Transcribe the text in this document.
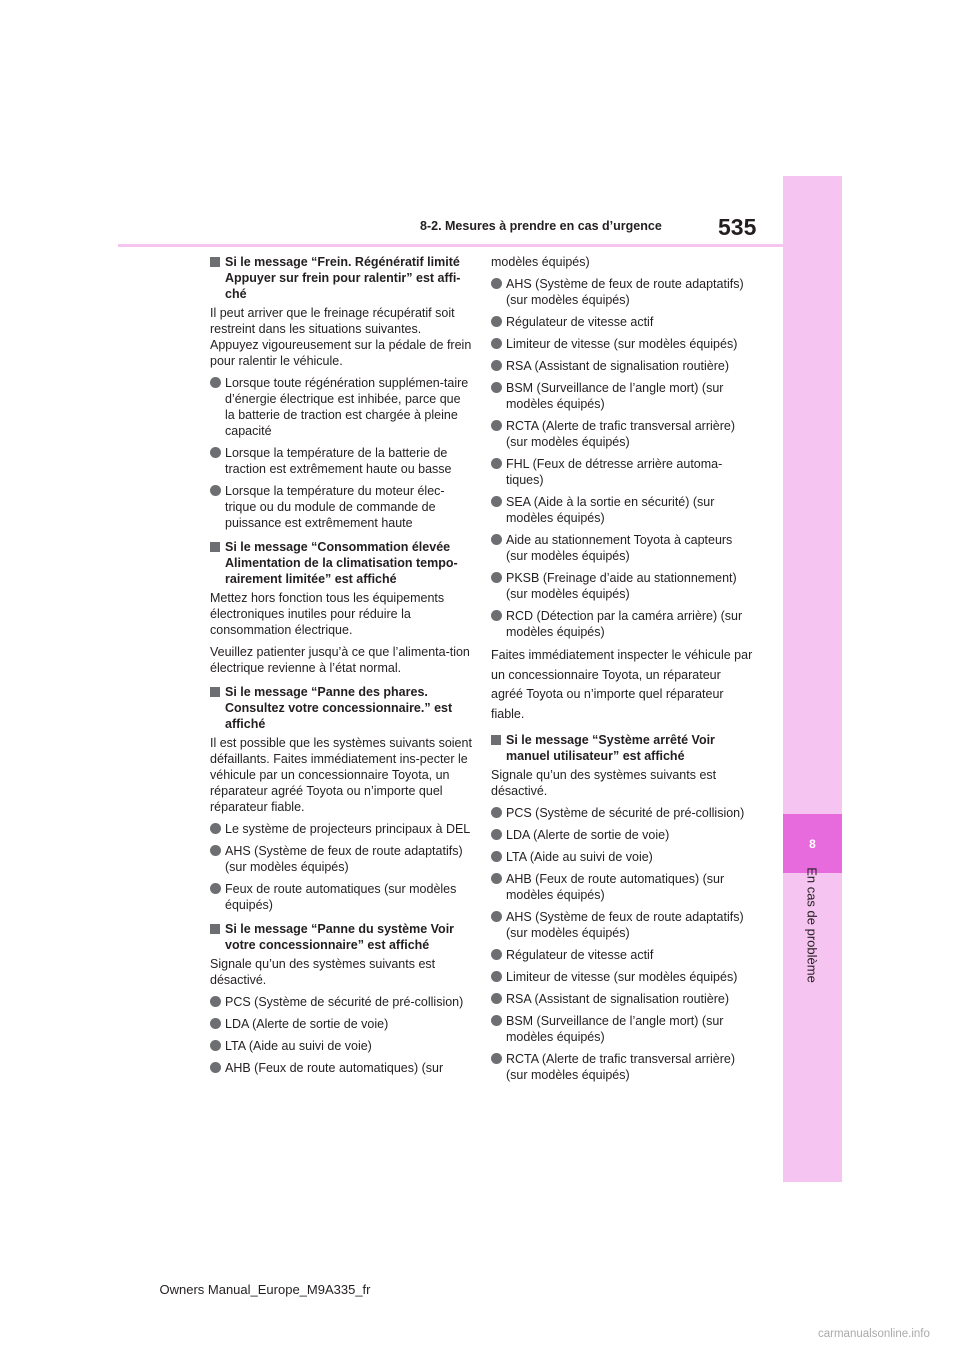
8
En cas de problème
8-2. Mesures à prendre en cas d’urgence 535
Si le message “Frein. Régénératif limité Appuyer sur frein pour ralentir” est affi-ché
Il peut arriver que le freinage récupératif soit restreint dans les situations suivantes. Appuyez vigoureusement sur la pédale de frein pour ralentir le véhicule.
Lorsque toute régénération supplémen-taire d’énergie électrique est inhibée, parce que la batterie de traction est chargée à pleine capacité
Lorsque la température de la batterie de traction est extrêmement haute ou basse
Lorsque la température du moteur élec-trique ou du module de commande de puissance est extrêmement haute
Si le message “Consommation élevée Alimentation de la climatisation tempo-rairement limitée” est affiché
Mettez hors fonction tous les équipements électroniques inutiles pour réduire la consommation électrique.
Veuillez patienter jusqu’à ce que l’alimenta-tion électrique revienne à l’état normal.
Si le message “Panne des phares. Consultez votre concessionnaire.” est affiché
Il est possible que les systèmes suivants soient défaillants. Faites immédiatement ins-pecter le véhicule par un concessionnaire Toyota, un réparateur agréé Toyota ou n’importe quel réparateur fiable.
Le système de projecteurs principaux à DEL
AHS (Système de feux de route adaptatifs) (sur modèles équipés)
Feux de route automatiques (sur modèles équipés)
Si le message “Panne du système Voir votre concessionnaire” est affiché
Signale qu’un des systèmes suivants est désactivé.
PCS (Système de sécurité de pré-collision)
LDA (Alerte de sortie de voie)
LTA (Aide au suivi de voie)
AHB (Feux de route automatiques) (sur
modèles équipés)
AHS (Système de feux de route adaptatifs) (sur modèles équipés)
Régulateur de vitesse actif
Limiteur de vitesse (sur modèles équipés)
RSA (Assistant de signalisation routière)
BSM (Surveillance de l’angle mort) (sur modèles équipés)
RCTA (Alerte de trafic transversal arrière) (sur modèles équipés)
FHL (Feux de détresse arrière automa-tiques)
SEA (Aide à la sortie en sécurité) (sur modèles équipés)
Aide au stationnement Toyota à capteurs (sur modèles équipés)
PKSB (Freinage d’aide au stationnement) (sur modèles équipés)
RCD (Détection par la caméra arrière) (sur modèles équipés)
Faites immédiatement inspecter le véhicule par un concessionnaire Toyota, un réparateur agréé Toyota ou n’importe quel réparateur fiable.
Si le message “Système arrêté Voir manuel utilisateur” est affiché
Signale qu’un des systèmes suivants est désactivé.
PCS (Système de sécurité de pré-collision)
LDA (Alerte de sortie de voie)
LTA (Aide au suivi de voie)
AHB (Feux de route automatiques) (sur modèles équipés)
AHS (Système de feux de route adaptatifs) (sur modèles équipés)
Régulateur de vitesse actif
Limiteur de vitesse (sur modèles équipés)
RSA (Assistant de signalisation routière)
BSM (Surveillance de l’angle mort) (sur modèles équipés)
RCTA (Alerte de trafic transversal arrière) (sur modèles équipés)
Owners Manual_Europe_M9A335_fr
carmanualsonline.info
